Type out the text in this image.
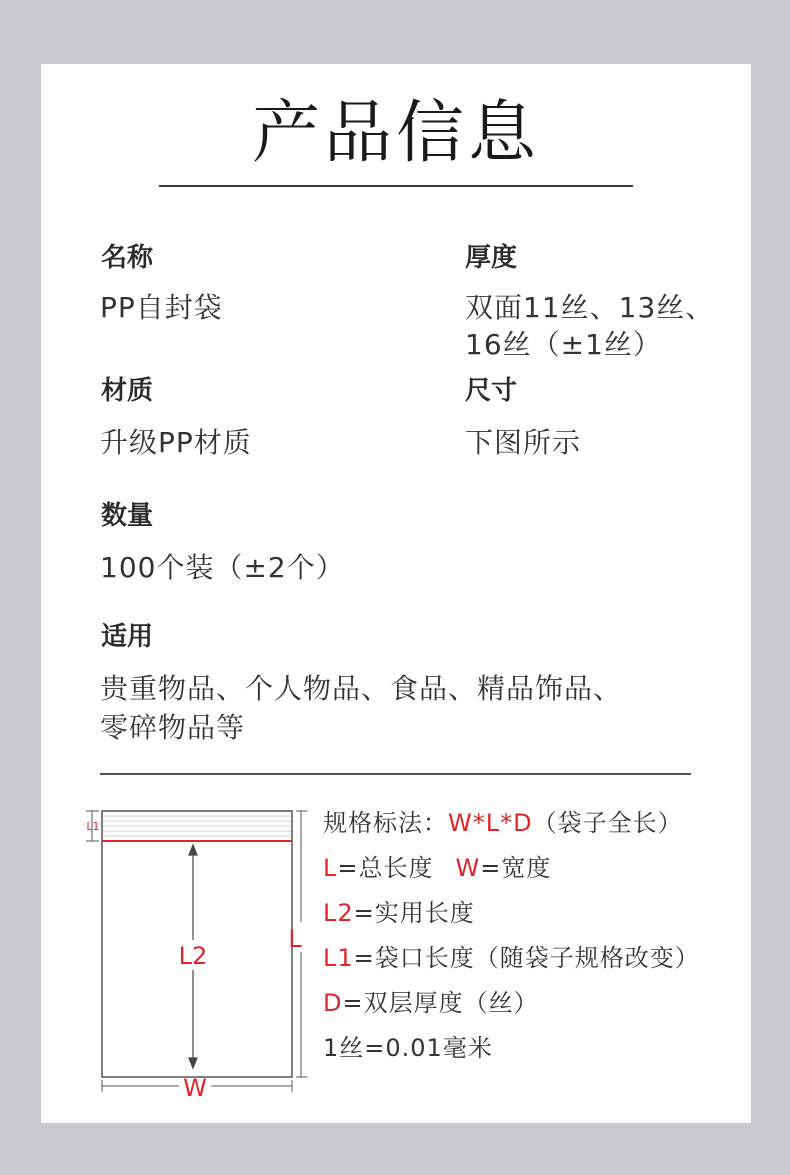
产品信息
名称
PP自封袋
厚度
双面11丝、13丝、
16丝（±1丝）
材质
升级PP材质
尺寸
下图所示
数量
100个装（±2个）
适用
贵重物品、个人物品、食品、精品饰品、
零碎物品等
L1
L2
L
W
规格标法：W*L*D（袋子全长）
L=总长度 W=宽度
L2=实用长度
L1=袋口长度（随袋子规格改变）
D=双层厚度（丝）
1丝=0.01毫米
